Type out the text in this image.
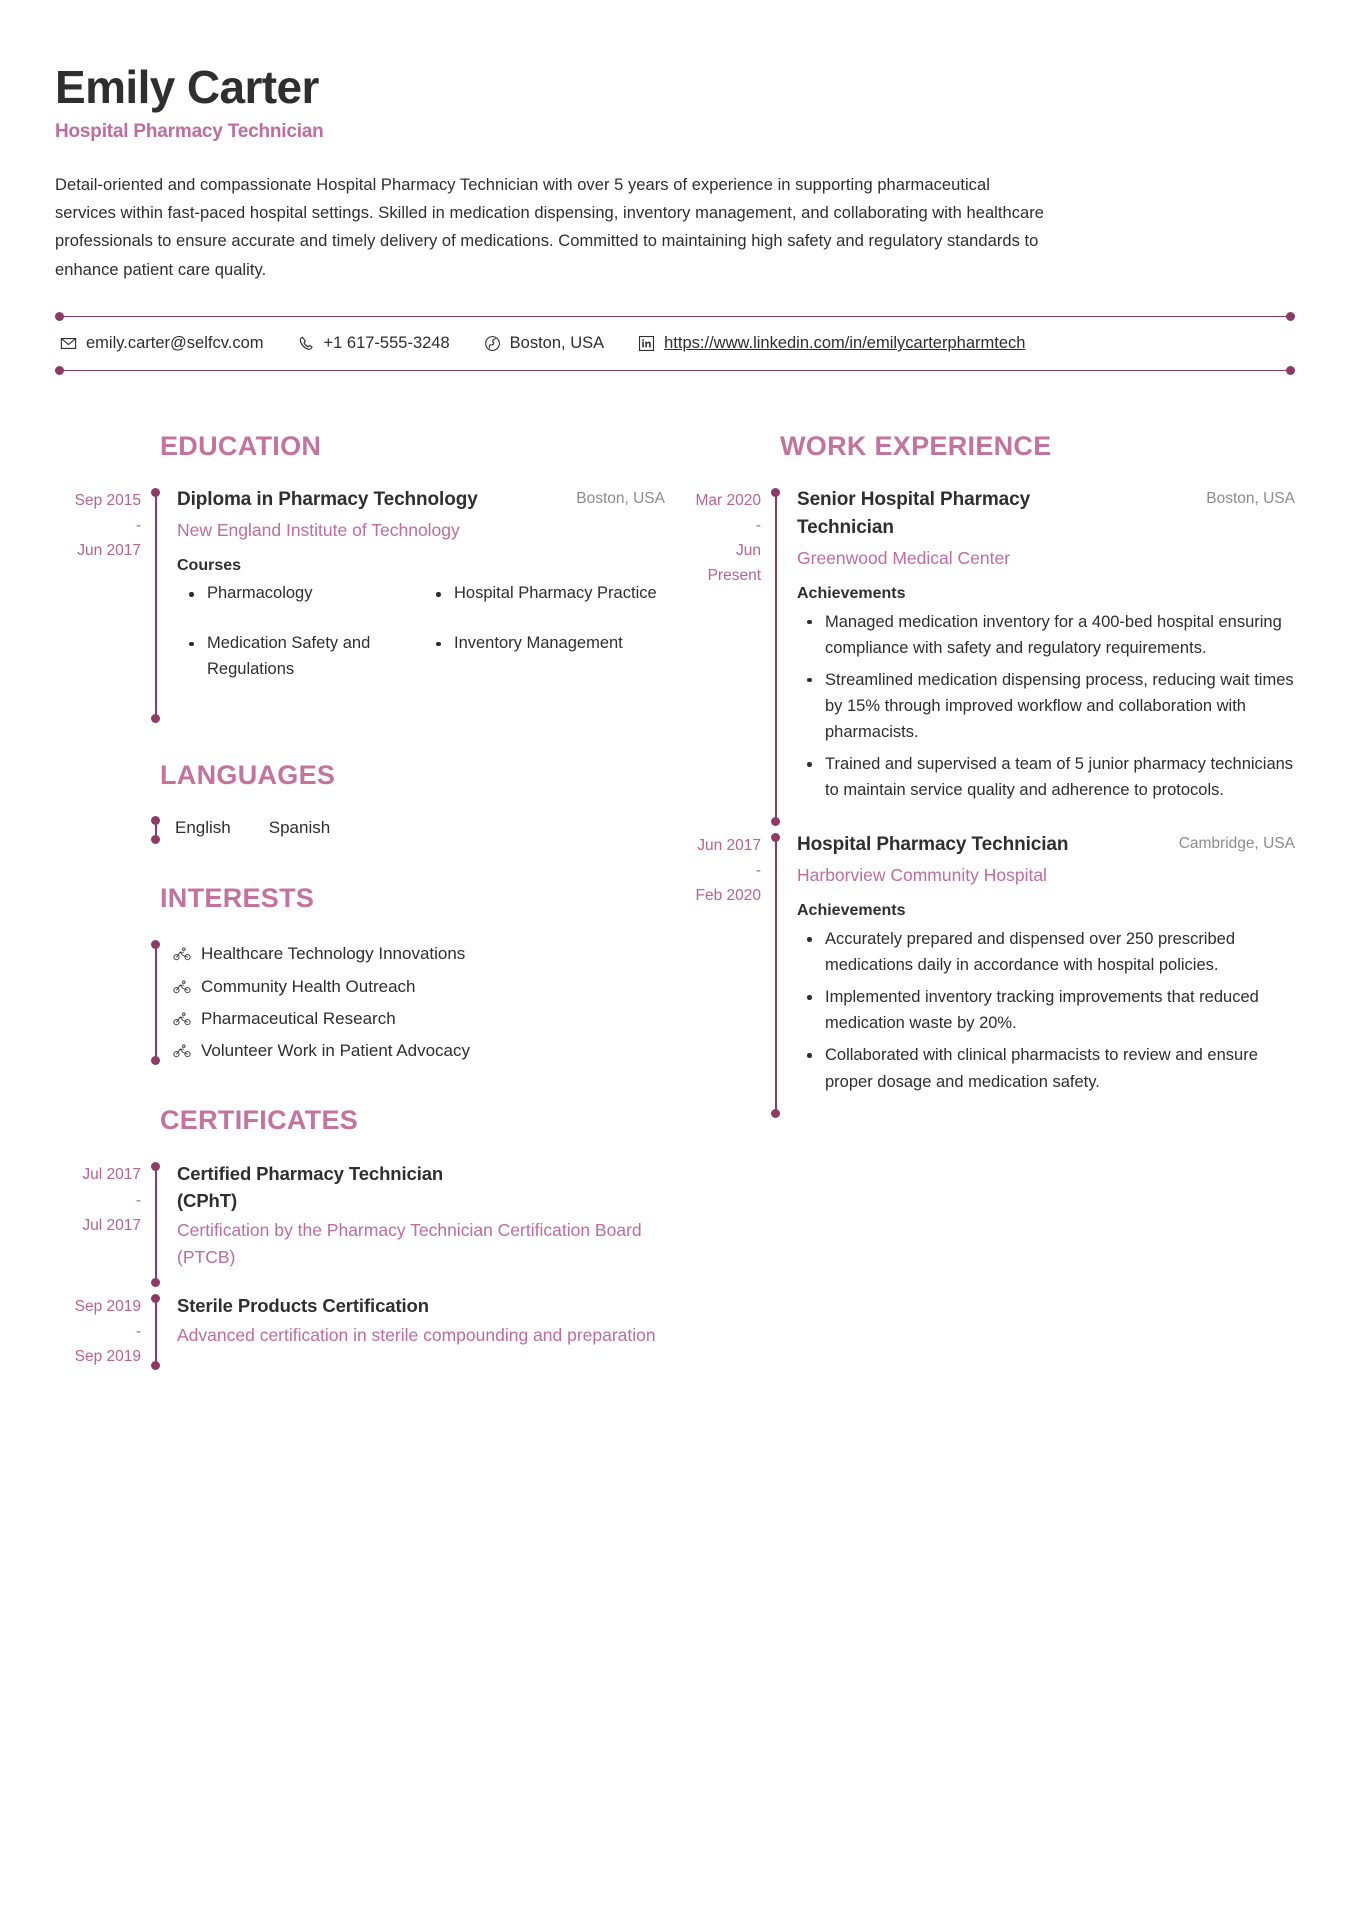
Emily Carter
Hospital Pharmacy Technician
Detail-oriented and compassionate Hospital Pharmacy Technician with over 5 years of experience in supporting pharmaceutical services within fast-paced hospital settings. Skilled in medication dispensing, inventory management, and collaborating with healthcare professionals to ensure accurate and timely delivery of medications. Committed to maintaining high safety and regulatory standards to enhance patient care quality.
emily.carter@selfcv.com	+1 617-555-3248	Boston, USA	https://www.linkedin.com/in/emilycarterpharmtech
EDUCATION
Sep 2015
-
Jun 2017
Diploma in Pharmacy Technology	Boston, USA
New England Institute of Technology
Courses
Pharmacology	Hospital Pharmacy Practice
Medication Safety and Regulations
Inventory Management
LANGUAGES
English Spanish
INTERESTS
Healthcare Technology Innovations
Community Health Outreach
Pharmaceutical Research
Volunteer Work in Patient Advocacy
CERTIFICATES
Jul 2017
-
Jul 2017
Certified Pharmacy Technician (CPhT)
Certification by the Pharmacy Technician Certification Board (PTCB)
Sep 2019
-
Sep 2019
Sterile Products Certification
Advanced certification in sterile compounding and preparation
WORK EXPERIENCE
Mar 2020
-
Jun
Present
Senior Hospital Pharmacy Technician
Boston, USA
Greenwood Medical Center
Achievements
Managed medication inventory for a 400-bed hospital ensuring compliance with safety and regulatory requirements.
Streamlined medication dispensing process, reducing wait times by 15% through improved workflow and collaboration with pharmacists.
Trained and supervised a team of 5 junior pharmacy technicians to maintain service quality and adherence to protocols.
Jun 2017
-
Feb 2020
Hospital Pharmacy Technician	Cambridge, USA
Harborview Community Hospital
Achievements
Accurately prepared and dispensed over 250 prescribed medications daily in accordance with hospital policies.
Implemented inventory tracking improvements that reduced medication waste by 20%.
Collaborated with clinical pharmacists to review and ensure proper dosage and medication safety.
